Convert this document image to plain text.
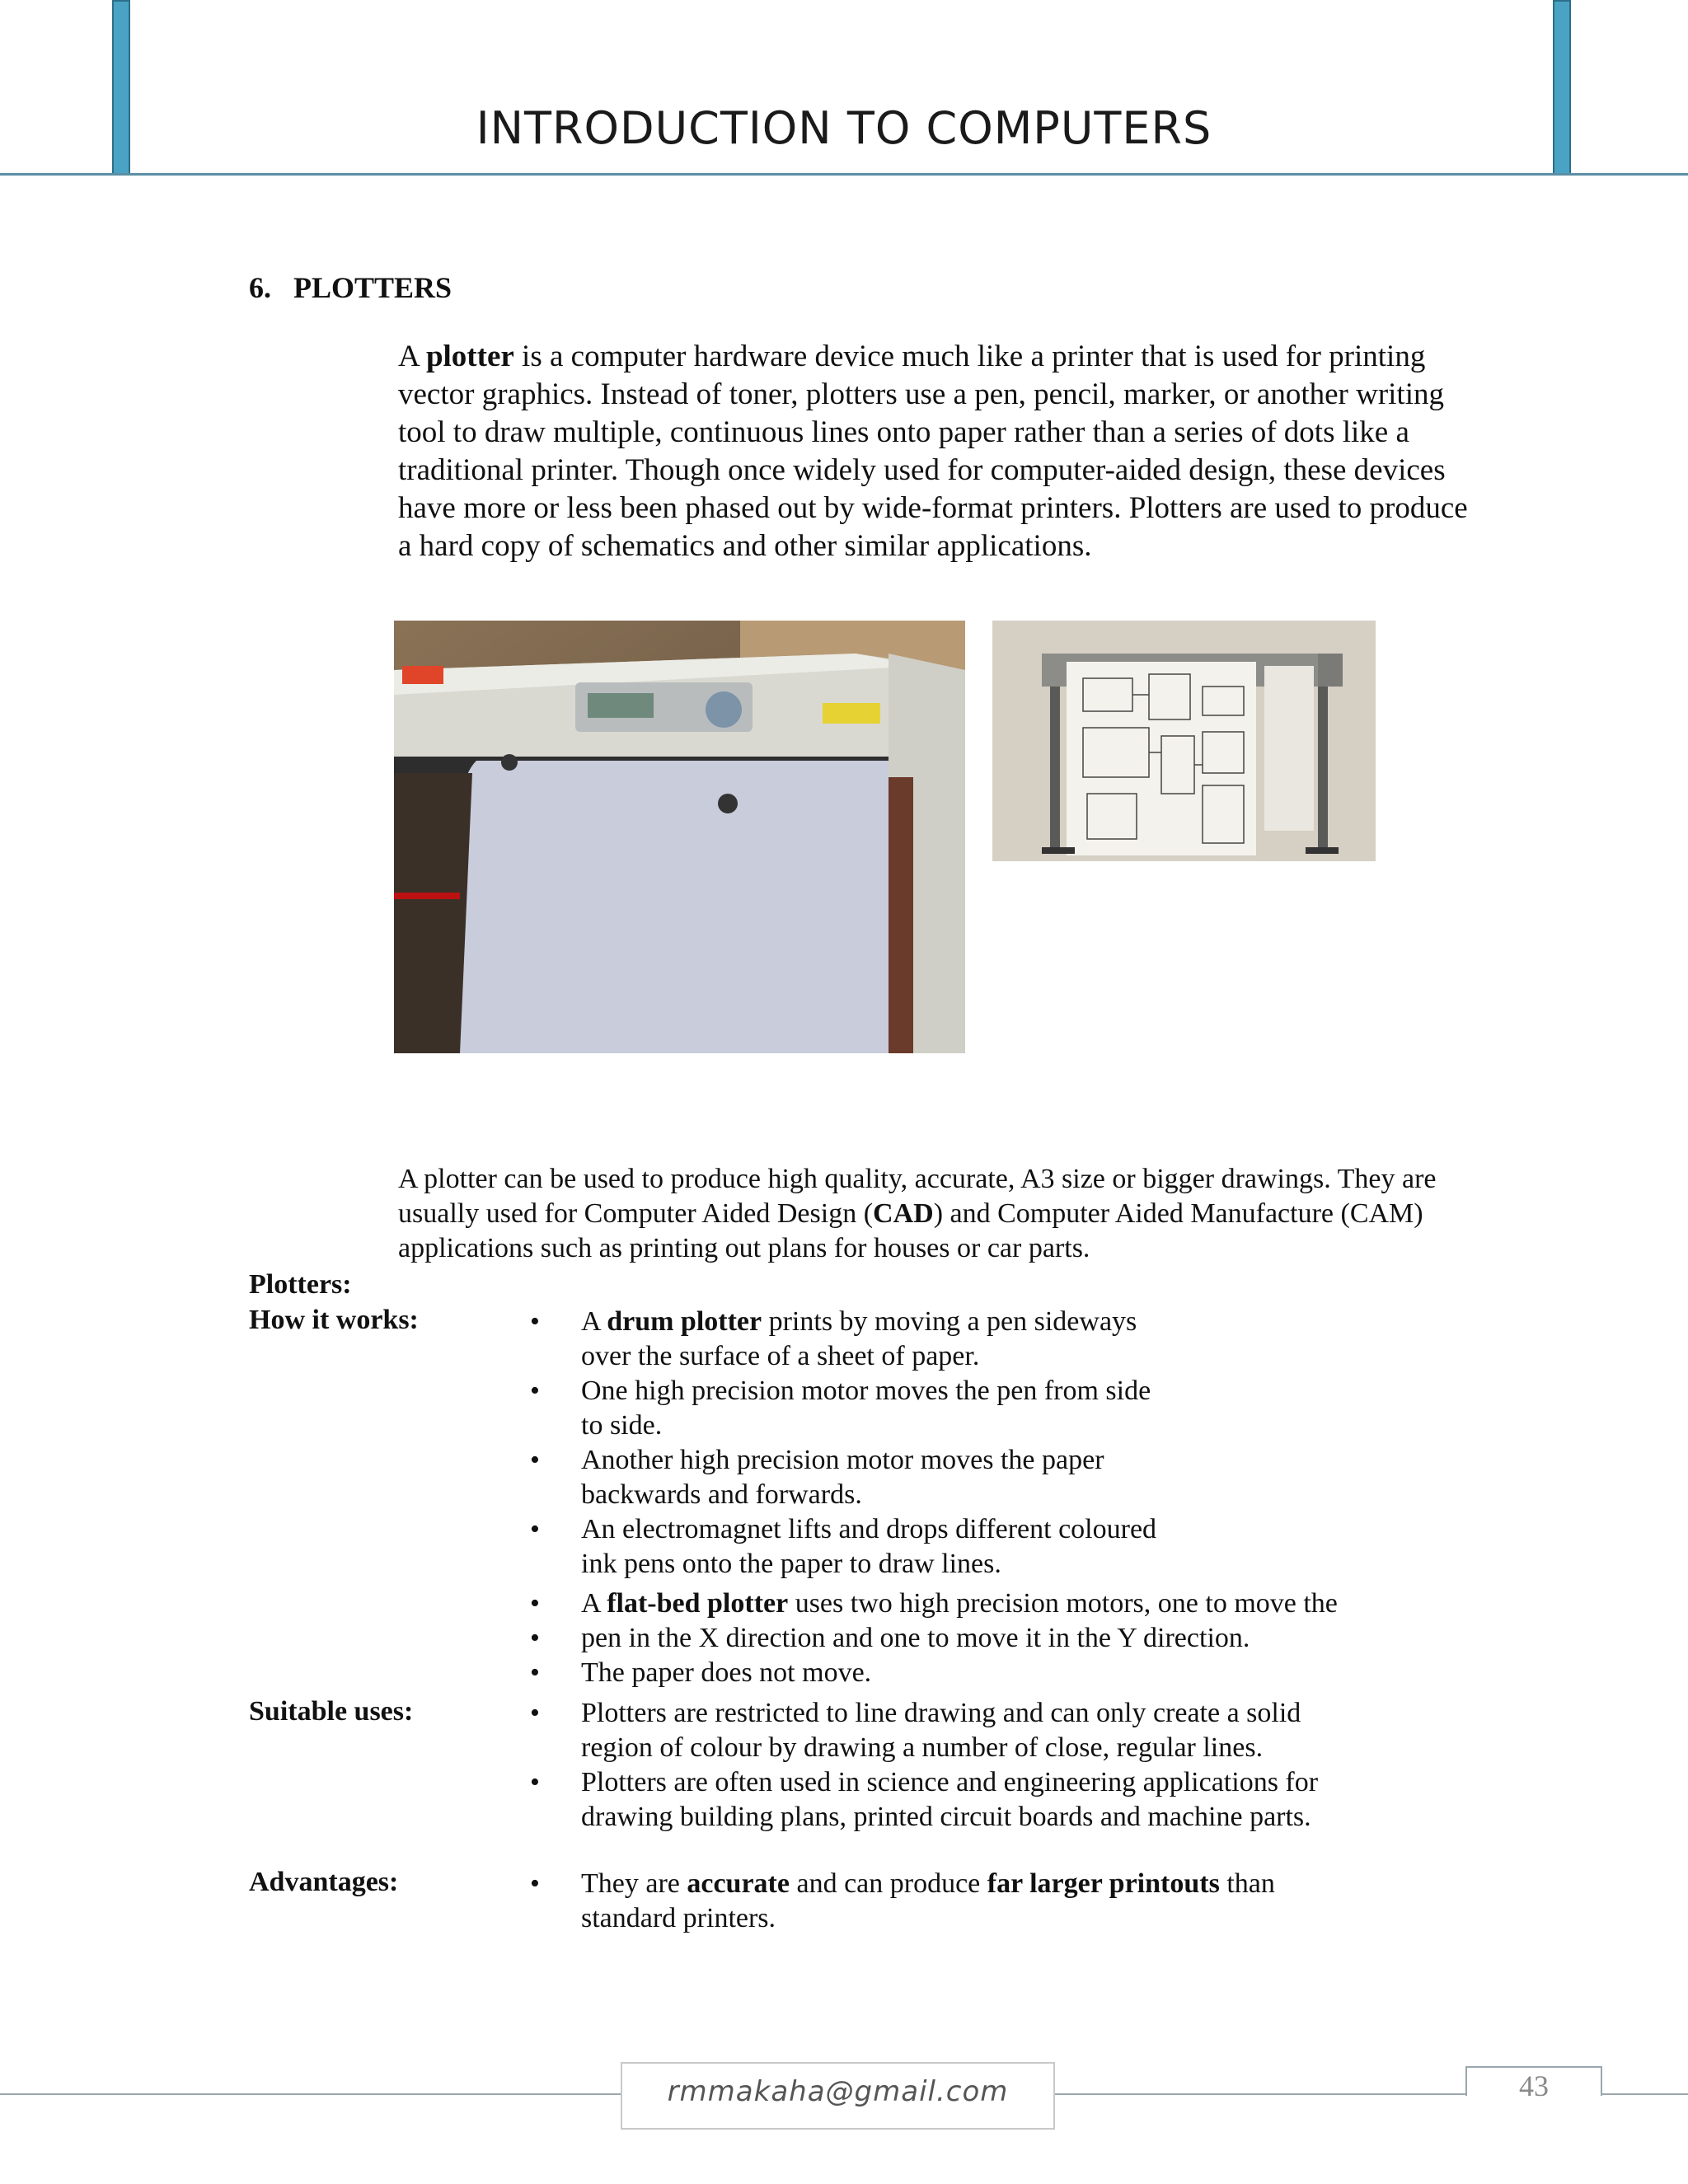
INTRODUCTION TO COMPUTERS
6.   PLOTTERS
A plotter is a computer hardware device much like a printer that is used for printing vector graphics. Instead of toner, plotters use a pen, pencil, marker, or another writing tool to draw multiple, continuous lines onto paper rather than a series of dots like a traditional printer. Though once widely used for computer-aided design, these devices have more or less been phased out by wide-format printers. Plotters are used to produce a hard copy of schematics and other similar applications.
A plotter can be used to produce high quality, accurate, A3 size or bigger drawings. They are usually used for Computer Aided Design (CAD) and Computer Aided Manufacture (CAM) applications such as printing out plans for houses or car parts.
Plotters:
How it works:
Suitable uses:
Advantages:
• A drum plotter prints by moving a pen sideways
over the surface of a sheet of paper.
• One high precision motor moves the pen from side
to side.
• Another high precision motor moves the paper
backwards and forwards.
• An electromagnet lifts and drops different coloured
ink pens onto the paper to draw lines.
• A flat-bed plotter uses two high precision motors, one to move the
• pen in the X direction and one to move it in the Y direction.
• The paper does not move.
• Plotters are restricted to line drawing and can only create a solid
region of colour by drawing a number of close, regular lines.
• Plotters are often used in science and engineering applications for
drawing building plans, printed circuit boards and machine parts.
• They are accurate and can produce far larger printouts than
standard printers.
rmmakaha@gmail.com	43
